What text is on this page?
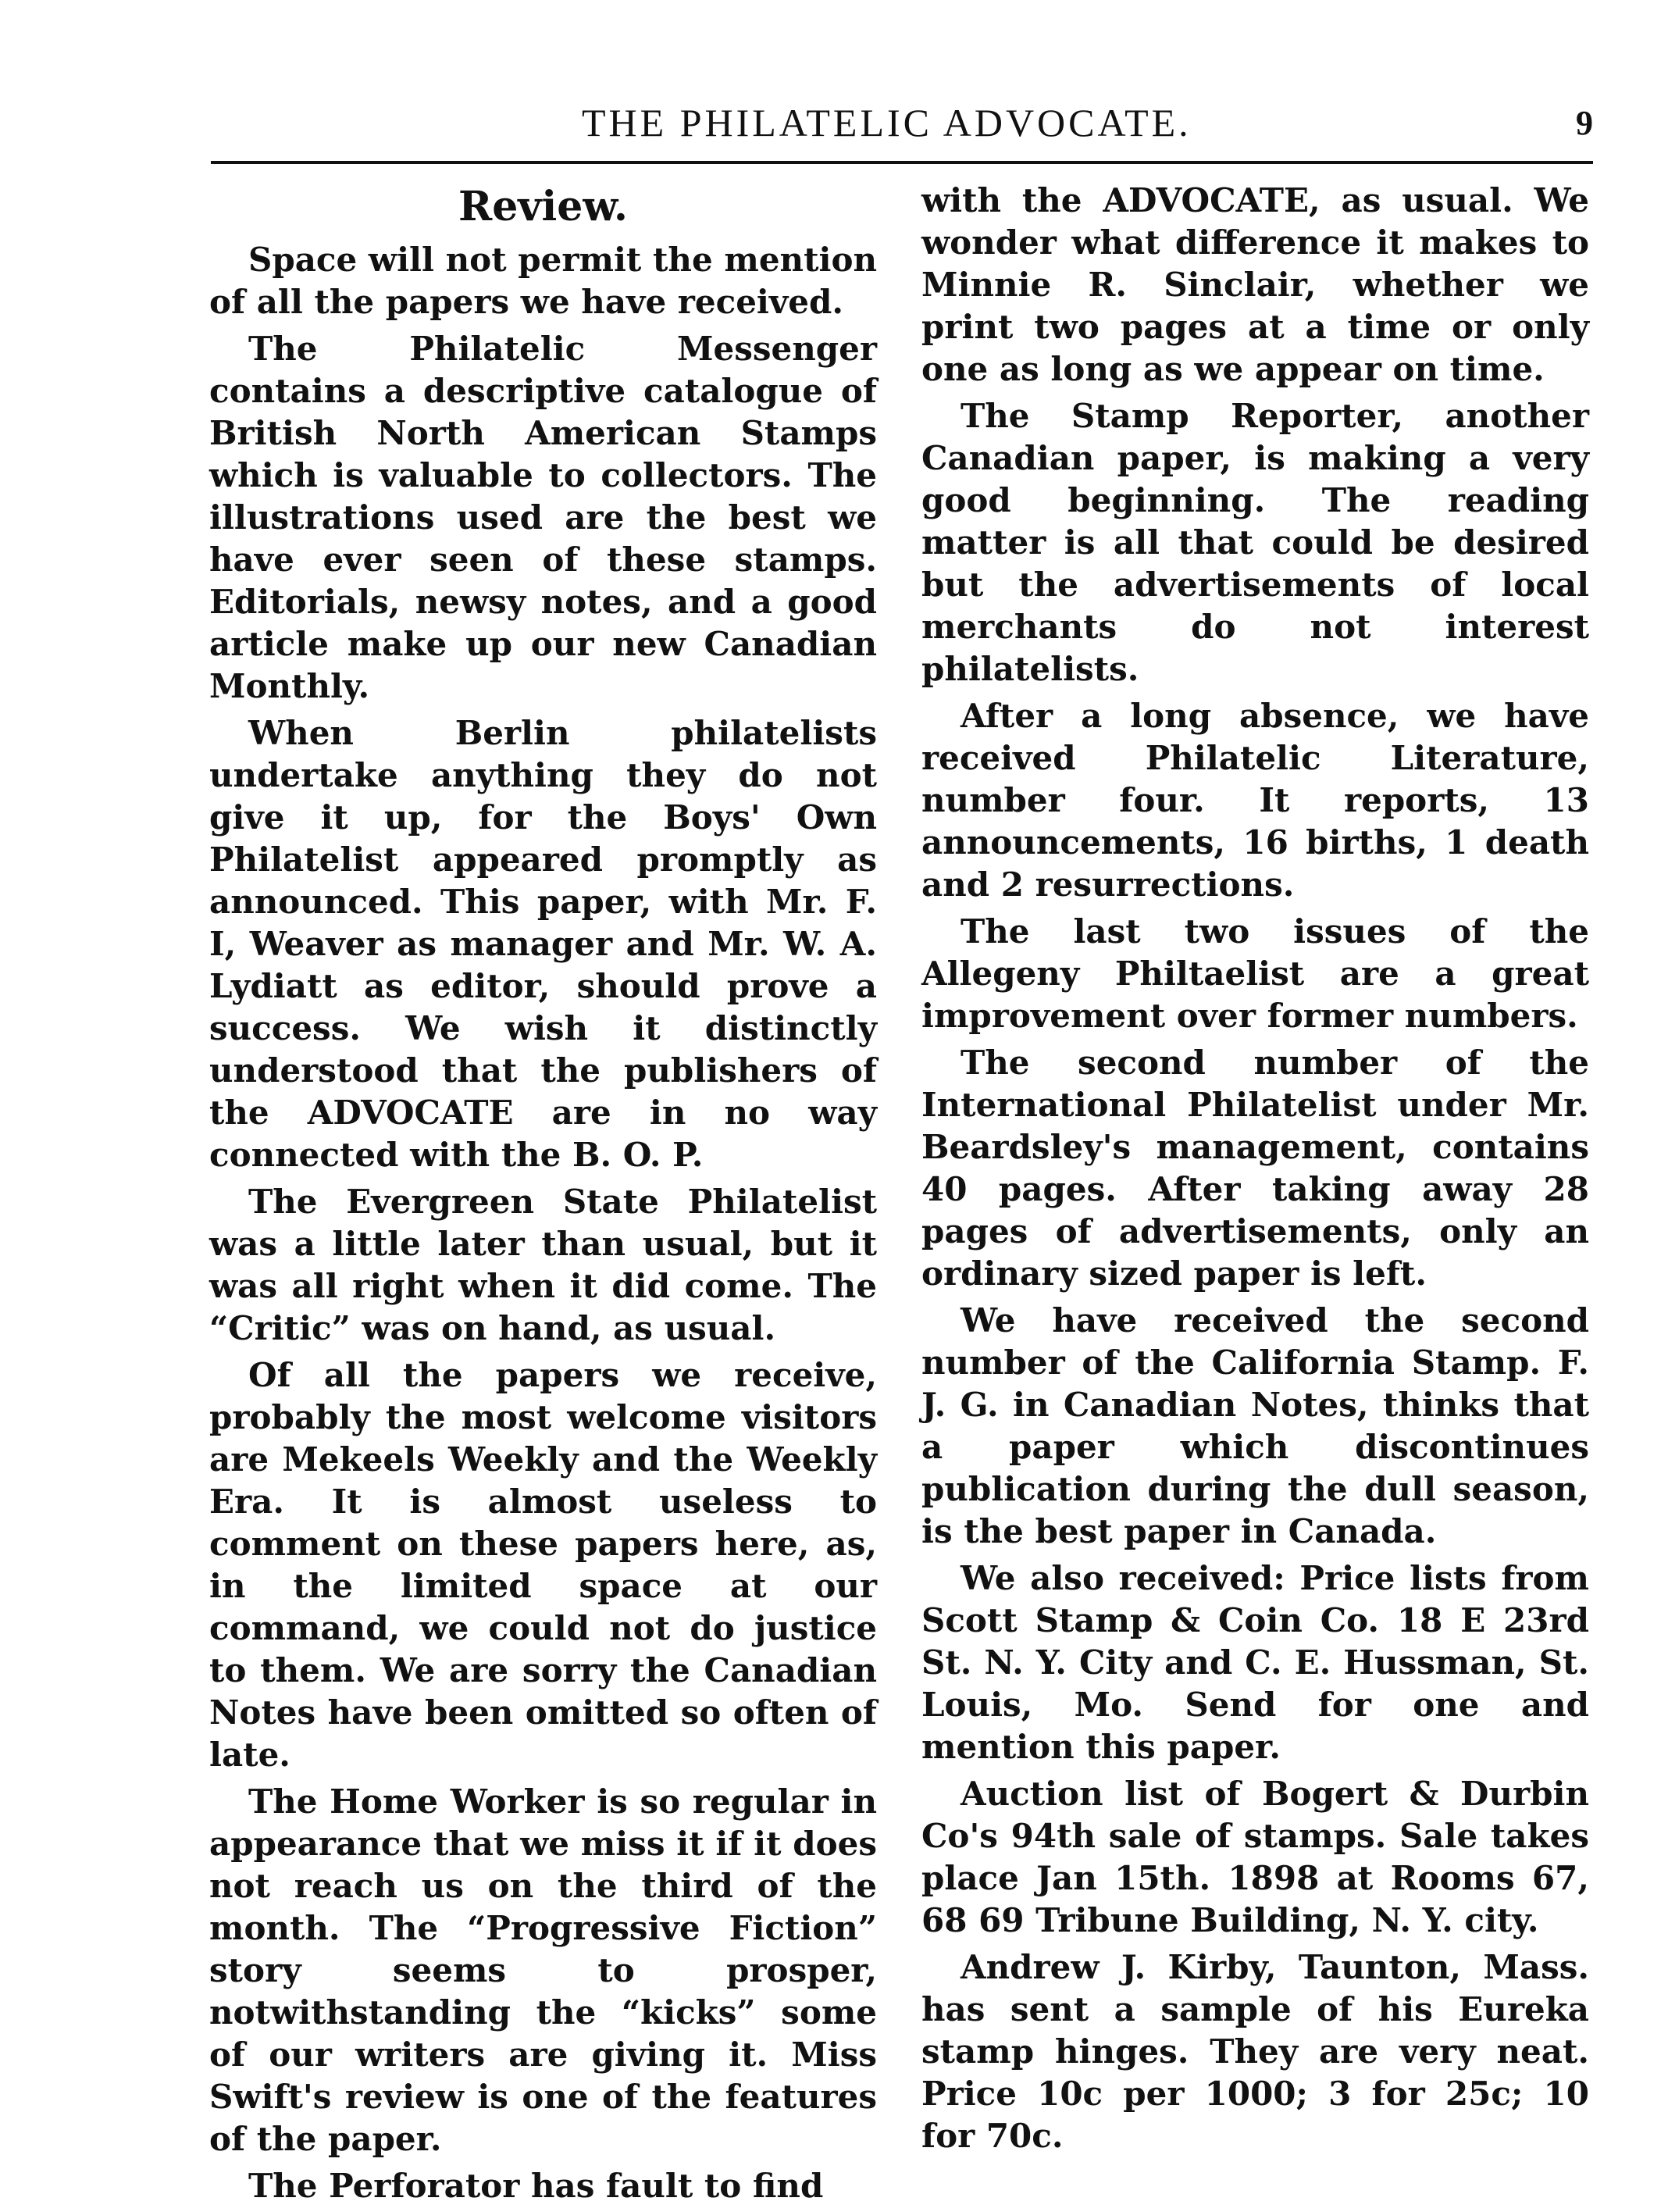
THE PHILATELIC ADVOCATE.	9
Review.

Space will not permit the mention of all the papers we have received.

The Philatelic Messenger contains a descriptive catalogue of British North American Stamps which is valuable to collectors. The illustrations used are the best we have ever seen of these stamps. Editorials, newsy notes, and a good article make up our new Canadian Monthly.

When Berlin philatelists undertake anything they do not give it up, for the Boys' Own Philatelist appeared promptly as announced. This paper, with Mr. F. I, Weaver as manager and Mr. W. A. Lydiatt as editor, should prove a success. We wish it distinctly understood that the publishers of the ADVOCATE are in no way connected with the B. O. P.

The Evergreen State Philatelist was a little later than usual, but it was all right when it did come. The “Critic” was on hand, as usual.

Of all the papers we receive, probably the most welcome visitors are Mekeels Weekly and the Weekly Era. It is almost useless to comment on these papers here, as, in the limited space at our command, we could not do justice to them. We are sorry the Canadian Notes have been omitted so often of late.

The Home Worker is so regular in appearance that we miss it if it does not reach us on the third of the month. The “Progressive Fiction” story seems to prosper, notwithstanding the “kicks” some of our writers are giving it. Miss Swift's review is one of the features of the paper.

The Perforator has fault to find

with the ADVOCATE, as usual. We wonder what difference it makes to Minnie R. Sinclair, whether we print two pages at a time or only one as long as we appear on time.

The Stamp Reporter, another Canadian paper, is making a very good beginning. The reading matter is all that could be desired but the advertisements of local merchants do not interest philatelists.

After a long absence, we have received Philatelic Literature, number four. It reports, 13 announcements, 16 births, 1 death and 2 resurrections.

The last two issues of the Allegeny Philtaelist are a great improvement over former numbers.

The second number of the International Philatelist under Mr. Beardsley's management, contains 40 pages. After taking away 28 pages of advertisements, only an ordinary sized paper is left.

We have received the second number of the California Stamp. F. J. G. in Canadian Notes, thinks that a paper which discontinues publication during the dull season, is the best paper in Canada.

We also received: Price lists from Scott Stamp & Coin Co. 18 E 23rd St. N. Y. City and C. E. Hussman, St. Louis, Mo. Send for one and mention this paper.

Auction list of Bogert & Durbin Co's 94th sale of stamps. Sale takes place Jan 15th. 1898 at Rooms 67, 68 69 Tribune Building, N. Y. city.

Andrew J. Kirby, Taunton, Mass. has sent a sample of his Eureka stamp hinges. They are very neat. Price 10c per 1000; 3 for 25c; 10 for 70c.
